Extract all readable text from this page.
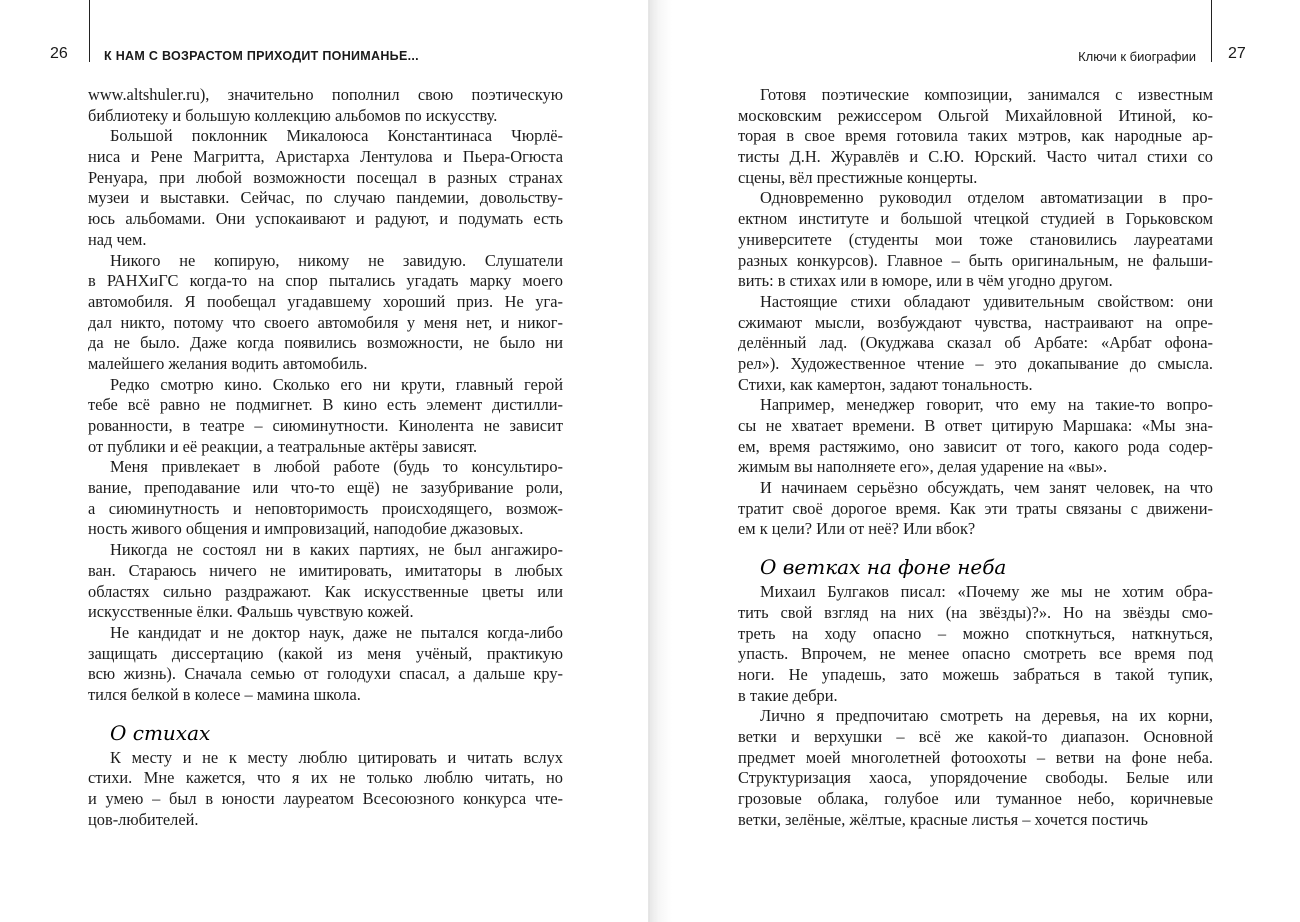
26	К НАМ С ВОЗРАСТОМ ПРИХОДИТ ПОНИМАНЬЕ...
www.altshuler.ru), значительно пополнил свою поэтическую
библиотеку и большую коллекцию альбомов по искусству.
Большой поклонник Микалоюса Константинаса Чюрлё-
ниса и Рене Магритта, Аристарха Лентулова и Пьера-Огюста
Ренуара, при любой возможности посещал в разных странах
музеи и выставки. Сейчас, по случаю пандемии, довольству-
юсь альбомами. Они успокаивают и радуют, и подумать есть
над чем.
Никого не копирую, никому не завидую. Слушатели
в РАНХиГС когда-то на спор пытались угадать марку моего
автомобиля. Я пообещал угадавшему хороший приз. Не уга-
дал никто, потому что своего автомобиля у меня нет, и никог-
да не было. Даже когда появились возможности, не было ни
малейшего желания водить автомобиль.
Редко смотрю кино. Сколько его ни крути, главный герой
тебе всё равно не подмигнет. В кино есть элемент дистилли-
рованности, в театре – сиюминутности. Кинолента не зависит
от публики и её реакции, а театральные актёры зависят.
Меня привлекает в любой работе (будь то консультиро-
вание, преподавание или что-то ещё) не зазубривание роли,
а сиюминутность и неповторимость происходящего, возмож-
ность живого общения и импровизаций, наподобие джазовых.
Никогда не состоял ни в каких партиях, не был ангажиро-
ван. Стараюсь ничего не имитировать, имитаторы в любых
областях сильно раздражают. Как искусственные цветы или
искусственные ёлки. Фальшь чувствую кожей.
Не кандидат и не доктор наук, даже не пытался когда-либо
защищать диссертацию (какой из меня учёный, практикую
всю жизнь). Сначала семью от голодухи спасал, а дальше кру-
тился белкой в колесе – мамина школа.
О стихах
К месту и не к месту люблю цитировать и читать вслух
стихи. Мне кажется, что я их не только люблю читать, но
и умею – был в юности лауреатом Всесоюзного конкурса чте-
цов-любителей.
Ключи к биографии 27
Готовя поэтические композиции, занимался с известным
московским режиссером Ольгой Михайловной Итиной, ко-
торая в свое время готовила таких мэтров, как народные ар-
тисты Д.Н. Журавлёв и С.Ю. Юрский. Часто читал стихи со
сцены, вёл престижные концерты.
Одновременно руководил отделом автоматизации в про-
ектном институте и большой чтецкой студией в Горьковском
университете (студенты мои тоже становились лауреатами
разных конкурсов). Главное – быть оригинальным, не фальши-
вить: в стихах или в юморе, или в чём угодно другом.
Настоящие стихи обладают удивительным свойством: они
сжимают мысли, возбуждают чувства, настраивают на опре-
делённый лад. (Окуджава сказал об Арбате: «Арбат офона-
рел»). Художественное чтение – это докапывание до смысла.
Стихи, как камертон, задают тональность.
Например, менеджер говорит, что ему на такие-то вопро-
сы не хватает времени. В ответ цитирую Маршака: «Мы зна-
ем, время растяжимо, оно зависит от того, какого рода содер-
жимым вы наполняете его», делая ударение на «вы».
И начинаем серьёзно обсуждать, чем занят человек, на что
тратит своё дорогое время. Как эти траты связаны с движени-
ем к цели? Или от неё? Или вбок?
О ветках на фоне неба
Михаил Булгаков писал: «Почему же мы не хотим обра-
тить свой взгляд на них (на звёзды)?». Но на звёзды смо-
треть на ходу опасно – можно споткнуться, наткнуться,
упасть. Впрочем, не менее опасно смотреть все время под
ноги. Не упадешь, зато можешь забраться в такой тупик,
в такие дебри.
Лично я предпочитаю смотреть на деревья, на их корни,
ветки и верхушки – всё же какой-то диапазон. Основной
предмет моей многолетней фотоохоты – ветви на фоне неба.
Структуризация хаоса, упорядочение свободы. Белые или
грозовые облака, голубое или туманное небо, коричневые
ветки, зелёные, жёлтые, красные листья – хочется постичь
